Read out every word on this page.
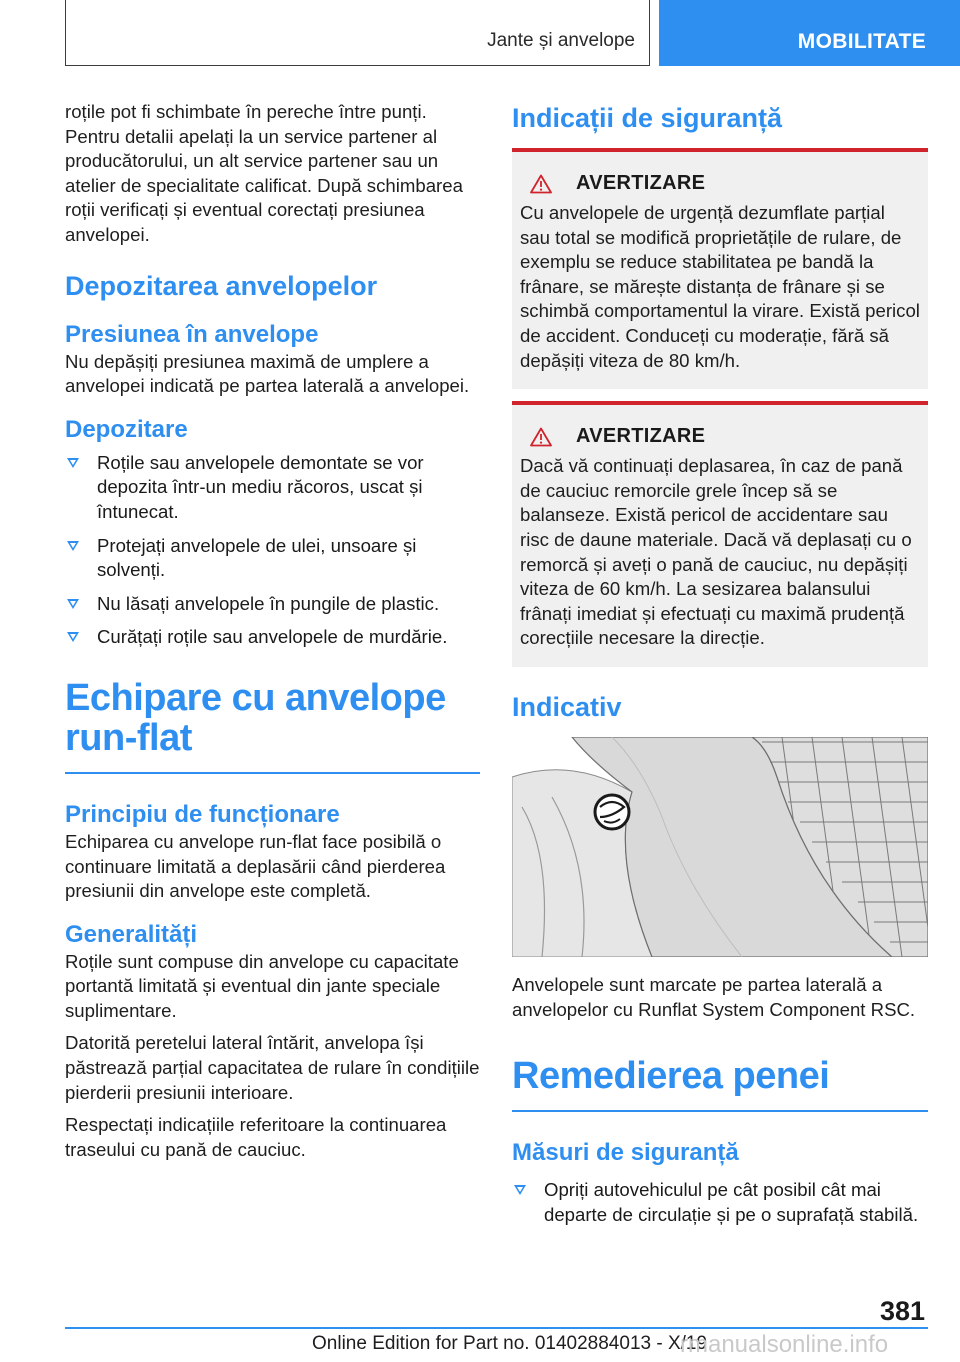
Jante și anvelope	MOBILITATE

roțile pot fi schimbate în pereche între punți. Pentru detalii apelați la un service partener al producătorului, un alt service partener sau un atelier de specialitate calificat. După schimbarea roții verificați și eventual corectați presiunea anvelopei.

Depozitarea anvelopelor
Presiunea în anvelope

Nu depășiți presiunea maximă de umplere a anvelopei indicată pe partea laterală a anvelopei.

Depozitare
Roțile sau anvelopele demontate se vor depozita într-un mediu răcoros, uscat și întunecat.
Protejați anvelopele de ulei, unsoare și solvenți.
Nu lăsați anvelopele în pungile de plastic.
Curățați roțile sau anvelopele de murdărie.
Echipare cu anvelope run-flat
Principiu de funcționare

Echiparea cu anvelope run-flat face posibilă o continuare limitată a deplasării când pierderea presiunii din anvelope este completă.

Generalități

Roțile sunt compuse din anvelope cu capacitate portantă limitată și eventual din jante speciale suplimentare.

Datorită peretelui lateral întărit, anvelopa își păstrează parțial capacitatea de rulare în condițiile pierderii presiunii interioare.

Respectați indicațiile referitoare la continuarea traseului cu pană de cauciuc.

Indicații de siguranță
AVERTIZARE

Cu anvelopele de urgență dezumflate parțial sau total se modifică proprietățile de rulare, de exemplu se reduce stabilitatea pe bandă la frânare, se mărește distanța de frânare și se schimbă comportamentul la virare. Există pericol de accident. Conduceți cu moderație, fără să depășiți viteza de 80 km/h.

AVERTIZARE

Dacă vă continuați deplasarea, în caz de pană de cauciuc remorcile grele încep să se balanseze. Există pericol de accidentare sau risc de daune materiale. Dacă vă deplasați cu o remorcă și aveți o pană de cauciuc, nu depășiți viteza de 60 km/h. La sesizarea balansului frânați imediat și efectuați cu maximă prudență corecțiile necesare la direcție.

Indicativ

Anvelopele sunt marcate pe partea laterală a anvelopelor cu Runflat System Component RSC.

Remedierea penei
Măsuri de siguranță
Opriți autovehiculul pe cât posibil cât mai departe de circulație și pe o suprafață stabilă.
381
Online Edition for Part no. 01402884013 - X/19
rmanualsonline.info
